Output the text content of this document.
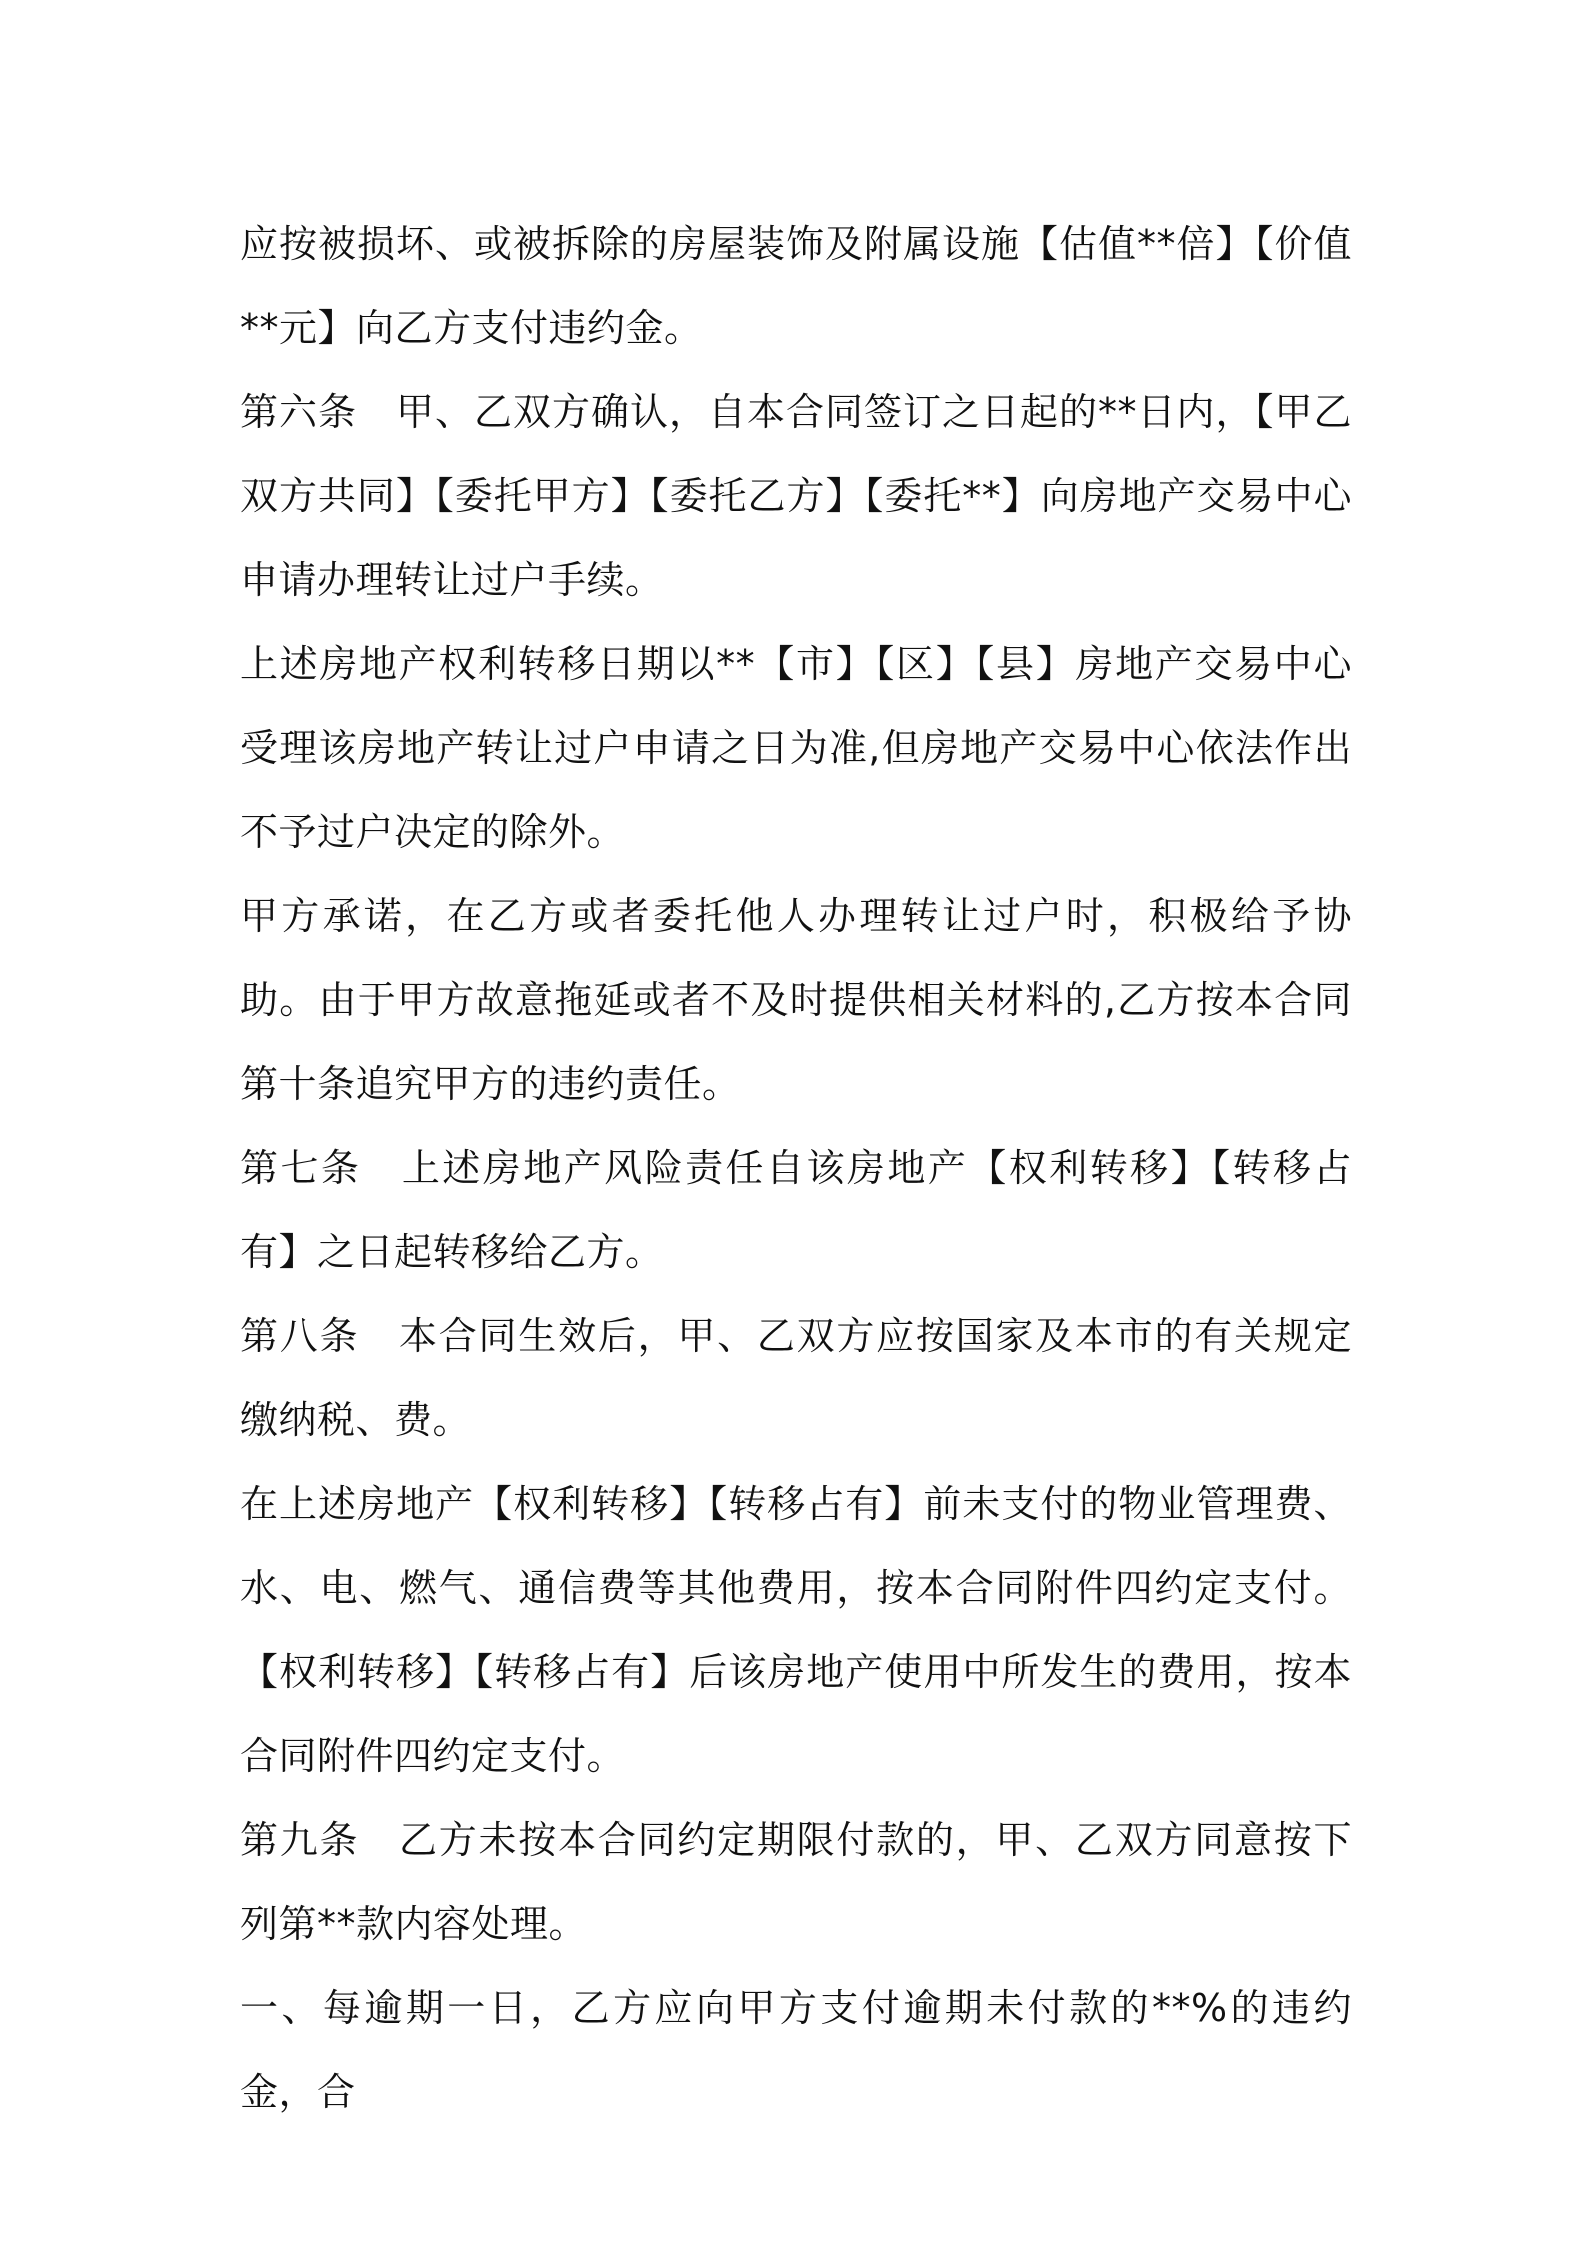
应按被损坏、或被拆除的房屋装饰及附属设施【估值**倍】【价值**元】向乙方支付违约金。

第六条　甲、乙双方确认，自本合同签订之日起的**日内，【甲乙双方共同】【委托甲方】【委托乙方】【委托**】向房地产交易中心申请办理转让过户手续。

上述房地产权利转移日期以**【市】【区】【县】房地产交易中心受理该房地产转让过户申请之日为准,但房地产交易中心依法作出不予过户决定的除外。

甲方承诺，在乙方或者委托他人办理转让过户时，积极给予协助。由于甲方故意拖延或者不及时提供相关材料的,乙方按本合同第十条追究甲方的违约责任。

第七条　上述房地产风险责任自该房地产【权利转移】【转移占有】之日起转移给乙方。

第八条　本合同生效后，甲、乙双方应按国家及本市的有关规定缴纳税、费。

在上述房地产【权利转移】【转移占有】前未支付的物业管理费、水、电、燃气、通信费等其他费用，按本合同附件四约定支付。【权利转移】【转移占有】后该房地产使用中所发生的费用，按本合同附件四约定支付。

第九条　乙方未按本合同约定期限付款的，甲、乙双方同意按下列第**款内容处理。

一、每逾期一日，乙方应向甲方支付逾期未付款的**%的违约金，合
